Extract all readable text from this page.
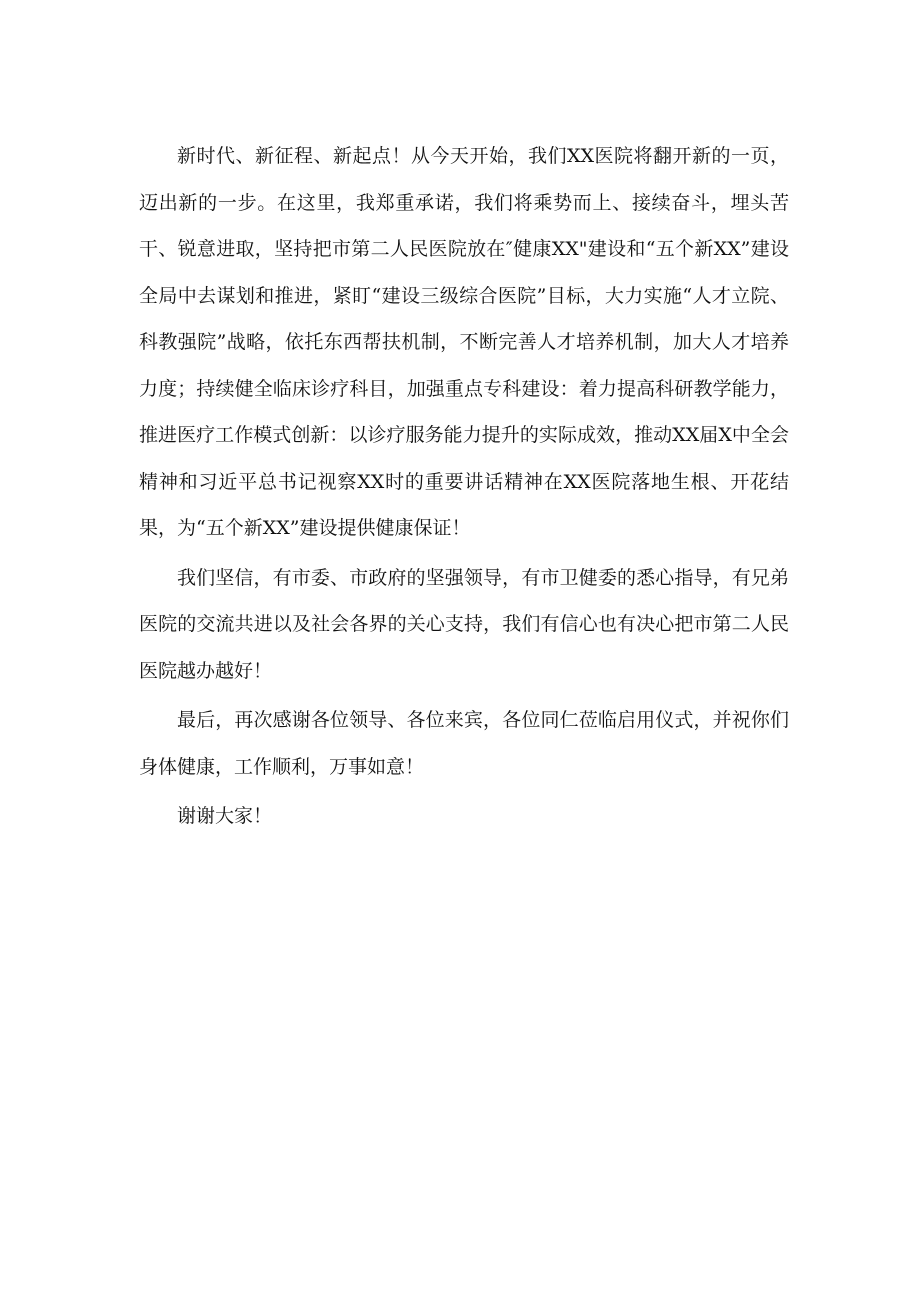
新时代、新征程、新起点！从今天开始，我们XX医院将翻开新的一页，迈出新的一步。在这里，我郑重承诺，我们将乘势而上、接续奋斗，埋头苦干、锐意进取，坚持把市第二人民医院放在″健康XX"建设和“五个新XX”建设全局中去谋划和推进，紧盯“建设三级综合医院”目标，大力实施“人才立院、科教强院”战略，依托东西帮扶机制，不断完善人才培养机制，加大人才培养力度；持续健全临床诊疗科目，加强重点专科建设：着力提高科研教学能力，推进医疗工作模式创新：以诊疗服务能力提升的实际成效，推动XX届X中全会精神和习近平总书记视察XX时的重要讲话精神在XX医院落地生根、开花结果，为“五个新XX”建设提供健康保证！

我们坚信，有市委、市政府的坚强领导，有市卫健委的悉心指导，有兄弟医院的交流共进以及社会各界的关心支持，我们有信心也有决心把市第二人民医院越办越好！

最后，再次感谢各位领导、各位来宾，各位同仁莅临启用仪式，并祝你们身体健康，工作顺利，万事如意！

谢谢大家！
